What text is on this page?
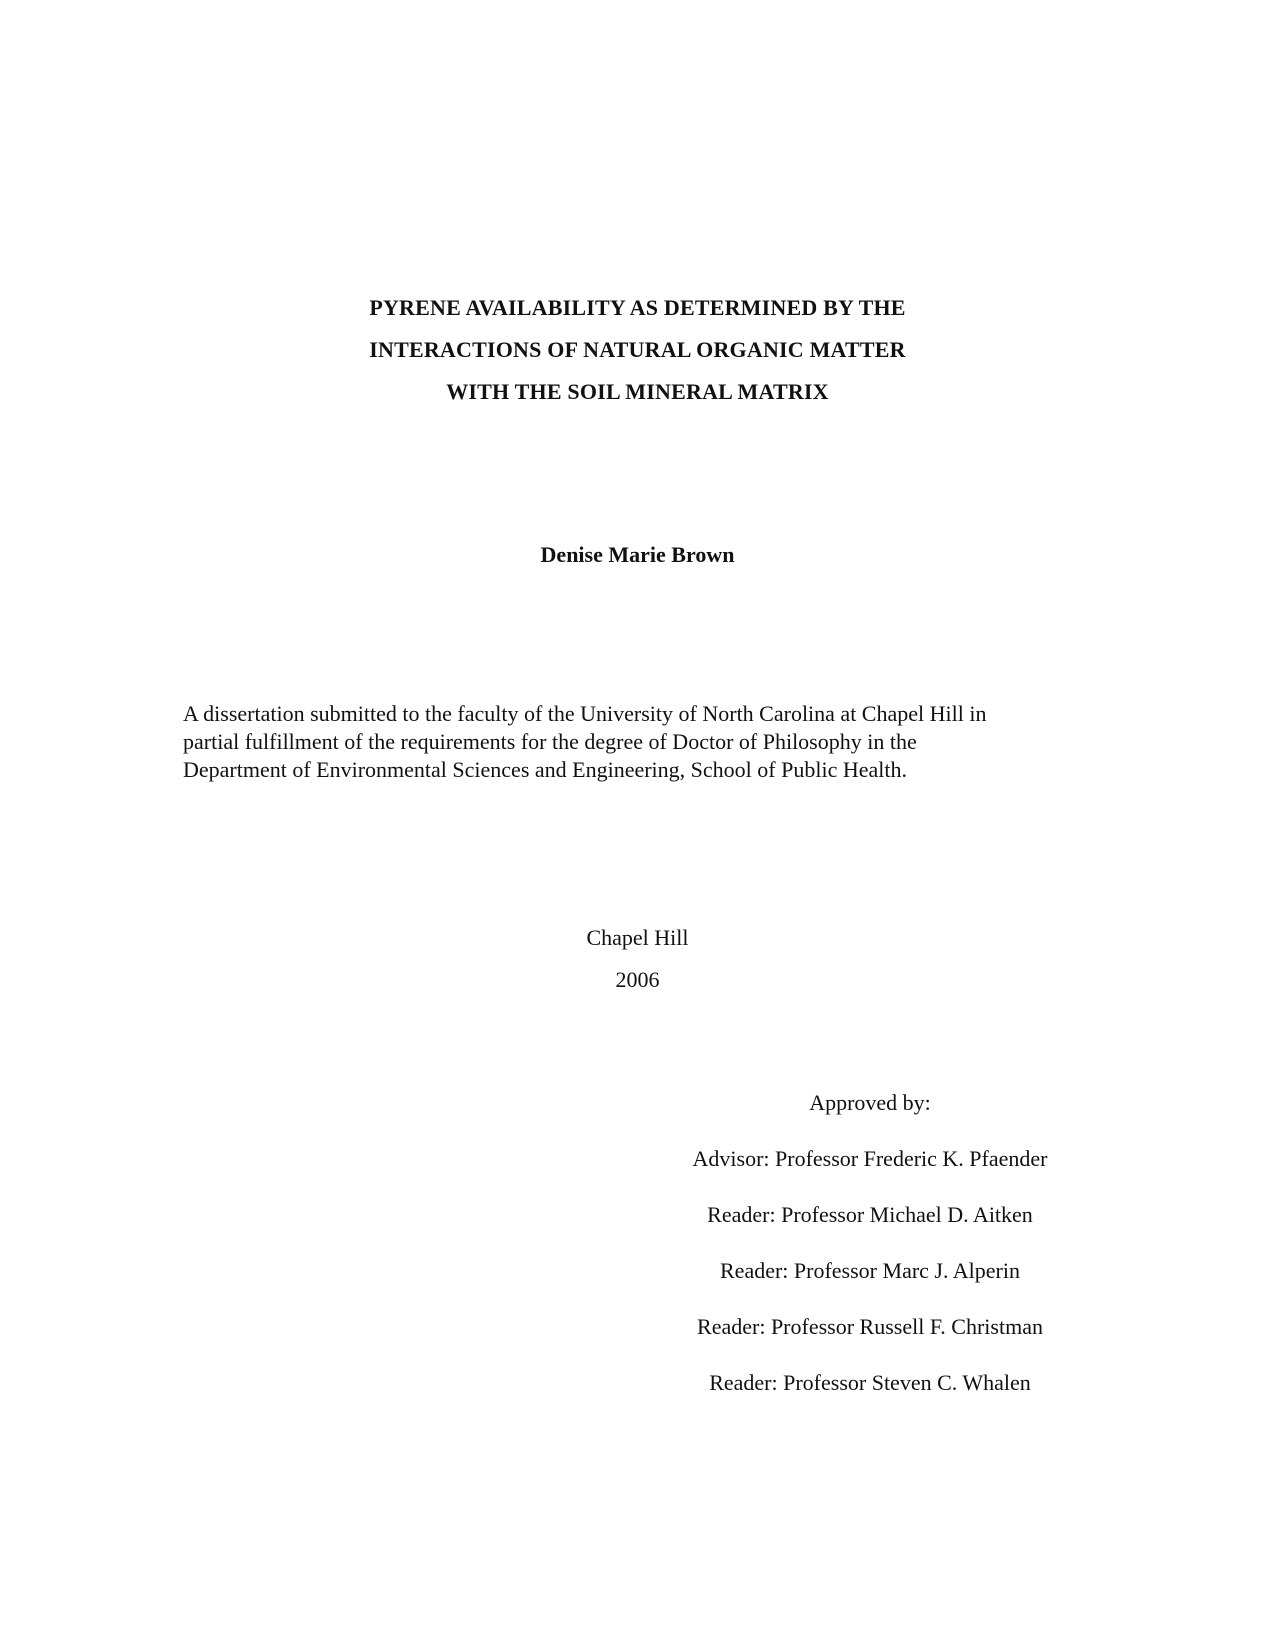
PYRENE AVAILABILITY AS DETERMINED BY THE
INTERACTIONS OF NATURAL ORGANIC MATTER
WITH THE SOIL MINERAL MATRIX
Denise Marie Brown
A dissertation submitted to the faculty of the University of North Carolina at Chapel Hill in
partial fulfillment of the requirements for the degree of Doctor of Philosophy in the
Department of Environmental Sciences and Engineering, School of Public Health.
Chapel Hill
2006
Approved by:
Advisor: Professor Frederic K. Pfaender
Reader: Professor Michael D. Aitken
Reader: Professor Marc J. Alperin
Reader: Professor Russell F. Christman
Reader: Professor Steven C. Whalen
